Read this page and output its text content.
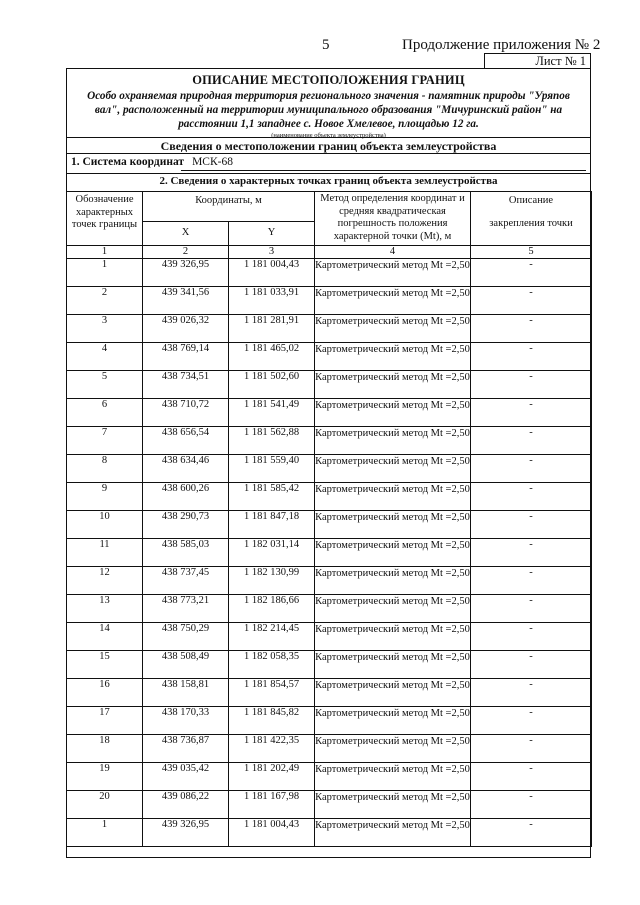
5	Продолжение приложения № 2
Лист № 1
ОПИСАНИЕ МЕСТОПОЛОЖЕНИЯ ГРАНИЦ
Особо охраняемая природная территория регионального значения - памятник природы "Уряпов вал", расположенный на территории муниципального образования "Мичуринский район" на расстоянии 1,1 западнее с. Новое Хмелевое, площадью 12 га.
(наименование объекта землеустройства)
Сведения о местоположении границ объекта землеустройства
1. Система координат МСК-68
2. Сведения о характерных точках границ объекта землеустройства
Обозначение характерных точек границы	Координаты, м		Метод определения координат и средняя квадратическая погрешность положения характерной точки (Mt), м	Описание
закрепления точки

	X	Y		
1	2	3	4	5
1	439 326,95	1 181 004,43	Картометрический метод Mt =2,50	-
2	439 341,56	1 181 033,91	Картометрический метод Mt =2,50	-
3	439 026,32	1 181 281,91	Картометрический метод Mt =2,50	-
4	438 769,14	1 181 465,02	Картометрический метод Mt =2,50	-
5	438 734,51	1 181 502,60	Картометрический метод Mt =2,50	-
6	438 710,72	1 181 541,49	Картометрический метод Mt =2,50	-
7	438 656,54	1 181 562,88	Картометрический метод Mt =2,50	-
8	438 634,46	1 181 559,40	Картометрический метод Mt =2,50	-
9	438 600,26	1 181 585,42	Картометрический метод Mt =2,50	-
10	438 290,73	1 181 847,18	Картометрический метод Mt =2,50	-
11	438 585,03	1 182 031,14	Картометрический метод Mt =2,50	-
12	438 737,45	1 182 130,99	Картометрический метод Mt =2,50	-
13	438 773,21	1 182 186,66	Картометрический метод Mt =2,50	-
14	438 750,29	1 182 214,45	Картометрический метод Mt =2,50	-
15	438 508,49	1 182 058,35	Картометрический метод Mt =2,50	-
16	438 158,81	1 181 854,57	Картометрический метод Mt =2,50	-
17	438 170,33	1 181 845,82	Картометрический метод Mt =2,50	-
18	438 736,87	1 181 422,35	Картометрический метод Mt =2,50	-
19	439 035,42	1 181 202,49	Картометрический метод Mt =2,50	-
20	439 086,22	1 181 167,98	Картометрический метод Mt =2,50	-
1	439 326,95	1 181 004,43	Картометрический метод Mt =2,50	-
